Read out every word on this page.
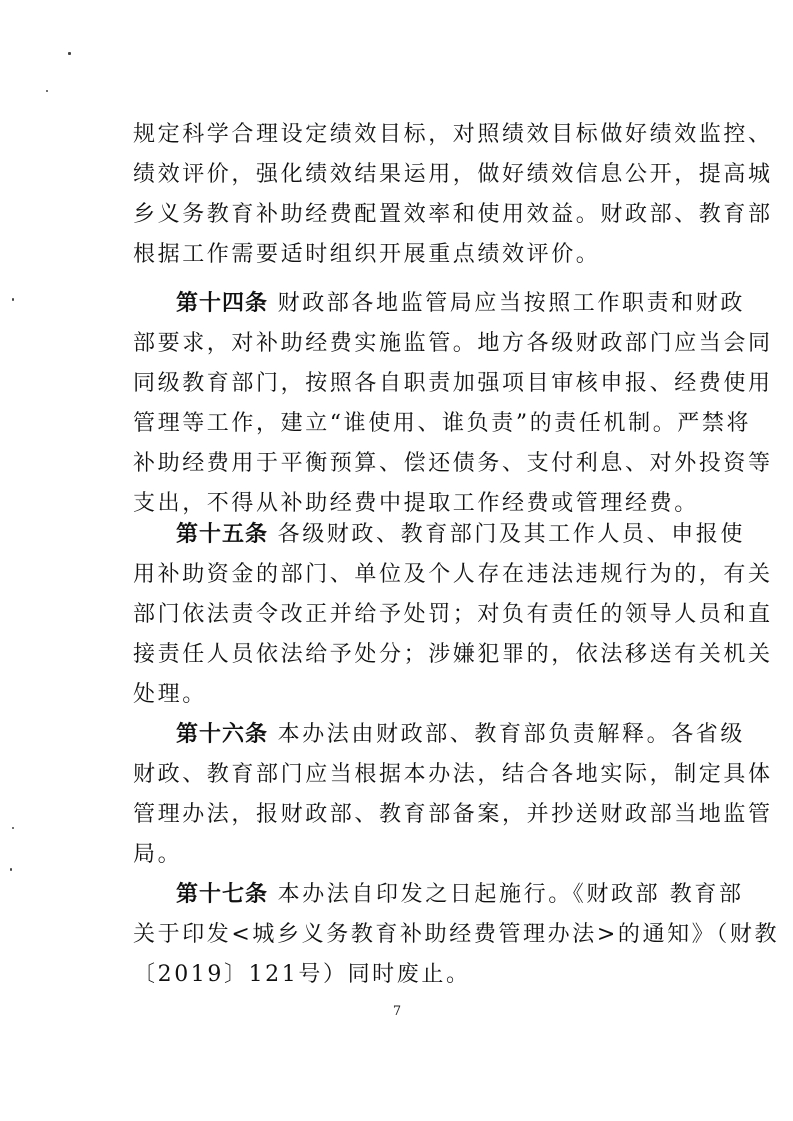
规定科学合理设定绩效目标，对照绩效目标做好绩效监控、
绩效评价，强化绩效结果运用，做好绩效信息公开，提高城
乡义务教育补助经费配置效率和使用效益。财政部、教育部
根据工作需要适时组织开展重点绩效评价。
第十四条 财政部各地监管局应当按照工作职责和财政
部要求，对补助经费实施监管。地方各级财政部门应当会同
同级教育部门，按照各自职责加强项目审核申报、经费使用
管理等工作，建立“谁使用、谁负责”的责任机制。严禁将
补助经费用于平衡预算、偿还债务、支付利息、对外投资等
支出，不得从补助经费中提取工作经费或管理经费。
第十五条 各级财政、教育部门及其工作人员、申报使
用补助资金的部门、单位及个人存在违法违规行为的，有关
部门依法责令改正并给予处罚；对负有责任的领导人员和直
接责任人员依法给予处分；涉嫌犯罪的，依法移送有关机关
处理。
第十六条 本办法由财政部、教育部负责解释。各省级
财政、教育部门应当根据本办法，结合各地实际，制定具体
管理办法，报财政部、教育部备案，并抄送财政部当地监管
局。
第十七条 本办法自印发之日起施行。《财政部 教育部
关于印发<城乡义务教育补助经费管理办法>的通知》（财教
〔2019〕121号）同时废止。
7
